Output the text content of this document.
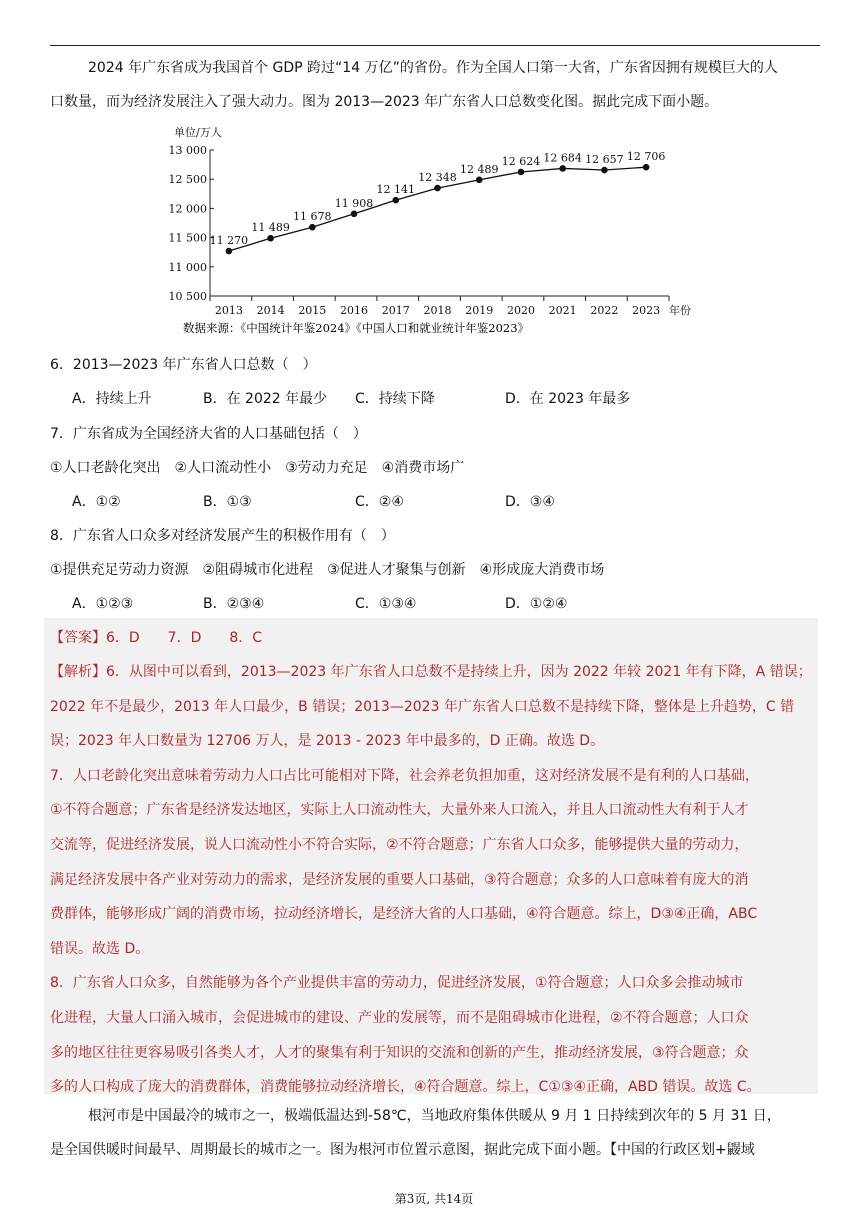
2024 年广东省成为我国首个 GDP 跨过“14 万亿”的省份。作为全国人口第一大省，广东省因拥有规模巨大的人
口数量，而为经济发展注入了强大动力。图为 2013—2023 年广东省人口总数变化图。据此完成下面小题。
单位/万人
13 000
12 500
12 000
11 500
11 000
10 500
2013 2014 2015 2016 2017 2018 2019 2020 2021 2022 2023
11 270
11 489
11 678
11 908
12 141
12 348
12 489
12 624 12 684 12 657 12 706
年份
数据来源：《中国统计年鉴2024》《中国人口和就业统计年鉴2023》
6．2013—2023 年广东省人口总数（　）
A．持续上升	B．在 2022 年最少 C．持续下降	D．在 2023 年最多
7．广东省成为全国经济大省的人口基础包括（　）
①人口老龄化突出　②人口流动性小　③劳动力充足　④消费市场广
A．①②	B．①③	C．②④	D．③④
8．广东省人口众多对经济发展产生的积极作用有（　）
①提供充足劳动力资源　②阻碍城市化进程　③促进人才聚集与创新　④形成庞大消费市场
A．①②③	B．②③④	C．①③④	D．①②④
【答案】6．D　　7．D　　8．C
【解析】6．从图中可以看到，2013—2023 年广东省人口总数不是持续上升，因为 2022 年较 2021 年有下降，A 错误；
2022 年不是最少，2013 年人口最少，B 错误；2013—2023 年广东省人口总数不是持续下降，整体是上升趋势，C 错
误；2023 年人口数量为 12706 万人，是 2013 - 2023 年中最多的，D 正确。故选 D。
7．人口老龄化突出意味着劳动力人口占比可能相对下降，社会养老负担加重，这对经济发展不是有利的人口基础，
①不符合题意；广东省是经济发达地区，实际上人口流动性大，大量外来人口流入，并且人口流动性大有利于人才
交流等，促进经济发展，说人口流动性小不符合实际，②不符合题意；广东省人口众多，能够提供大量的劳动力，
满足经济发展中各产业对劳动力的需求，是经济发展的重要人口基础，③符合题意；众多的人口意味着有庞大的消
费群体，能够形成广阔的消费市场，拉动经济增长，是经济大省的人口基础，④符合题意。综上，D③④正确，ABC
错误。故选 D。
8．广东省人口众多，自然能够为各个产业提供丰富的劳动力，促进经济发展，①符合题意；人口众多会推动城市
化进程，大量人口涌入城市，会促进城市的建设、产业的发展等，而不是阻碍城市化进程，②不符合题意；人口众
多的地区往往更容易吸引各类人才，人才的聚集有利于知识的交流和创新的产生，推动经济发展，③符合题意；众
多的人口构成了庞大的消费群体，消费能够拉动经济增长，④符合题意。综上，C①③④正确，ABD 错误。故选 C。
根河市是中国最冷的城市之一，极端低温达到-58℃，当地政府集体供暖从 9 月 1 日持续到次年的 5 月 31 日，
是全国供暖时间最早、周期最长的城市之一。图为根河市位置示意图，据此完成下面小题。【中国的行政区划+鼹域
第3页, 共14页
